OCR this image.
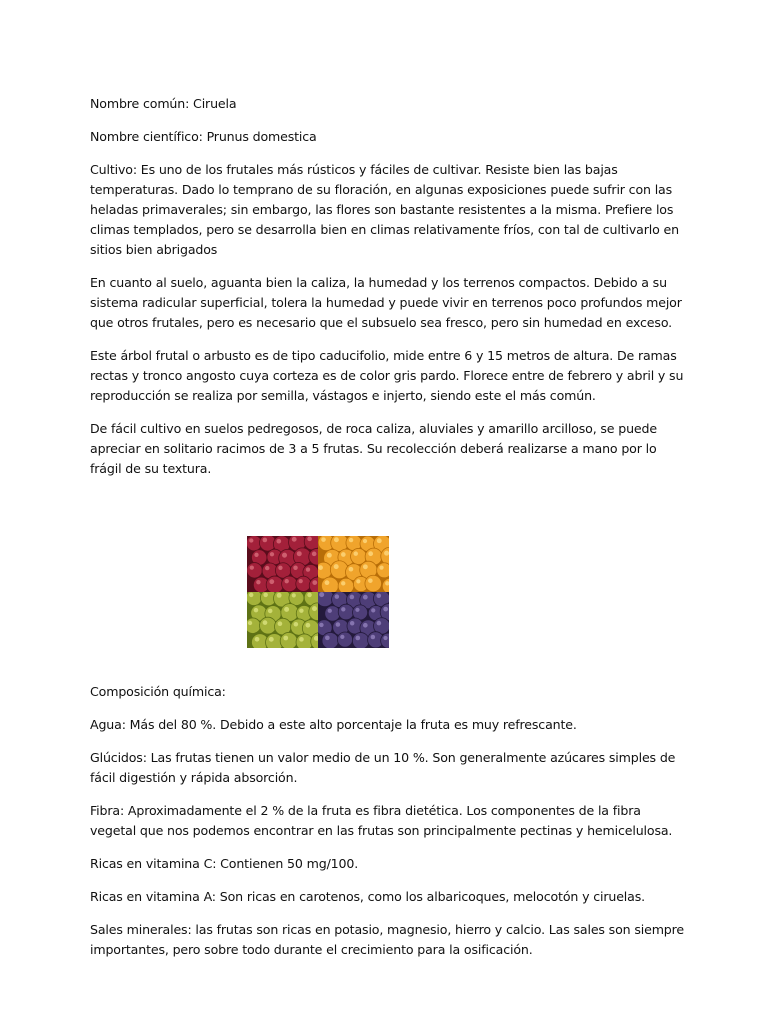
Nombre común: Ciruela

Nombre científico: Prunus domestica

Cultivo: Es uno de los frutales más rústicos y fáciles de cultivar. Resiste bien las bajas temperaturas. Dado lo temprano de su floración, en algunas exposiciones puede sufrir con las heladas primaverales; sin embargo, las flores son bastante resistentes a la misma. Prefiere los climas templados, pero se desarrolla bien en climas relativamente fríos, con tal de cultivarlo en sitios bien abrigados

En cuanto al suelo, aguanta bien la caliza, la humedad y los terrenos compactos. Debido a su sistema radicular superficial, tolera la humedad y puede vivir en terrenos poco profundos mejor que otros frutales, pero es necesario que el subsuelo sea fresco, pero sin humedad en exceso.

Este árbol frutal o arbusto es de tipo caducifolio, mide entre 6 y 15 metros de altura. De ramas rectas y tronco angosto cuya corteza es de color gris pardo. Florece entre de febrero y abril y su reproducción se realiza por semilla, vástagos e injerto, siendo este el más común.

De fácil cultivo en suelos pedregosos, de roca caliza, aluviales y amarillo arcilloso, se puede apreciar en solitario racimos de 3 a 5 frutas. Su recolección deberá realizarse a mano por lo frágil de su textura.

Composición química:

Agua: Más del 80 %. Debido a este alto porcentaje la fruta es muy refrescante.

Glúcidos: Las frutas tienen un valor medio de un 10 %. Son generalmente azúcares simples de fácil digestión y rápida absorción.

Fibra: Aproximadamente el 2 % de la fruta es fibra dietética. Los componentes de la fibra vegetal que nos podemos encontrar en las frutas son principalmente pectinas y hemicelulosa.

Ricas en vitamina C: Contienen 50 mg/100.

Ricas en vitamina A: Son ricas en carotenos, como los albaricoques, melocotón y ciruelas.

Sales minerales: las frutas son ricas en potasio, magnesio, hierro y calcio. Las sales son siempre importantes, pero sobre todo durante el crecimiento para la osificación.
